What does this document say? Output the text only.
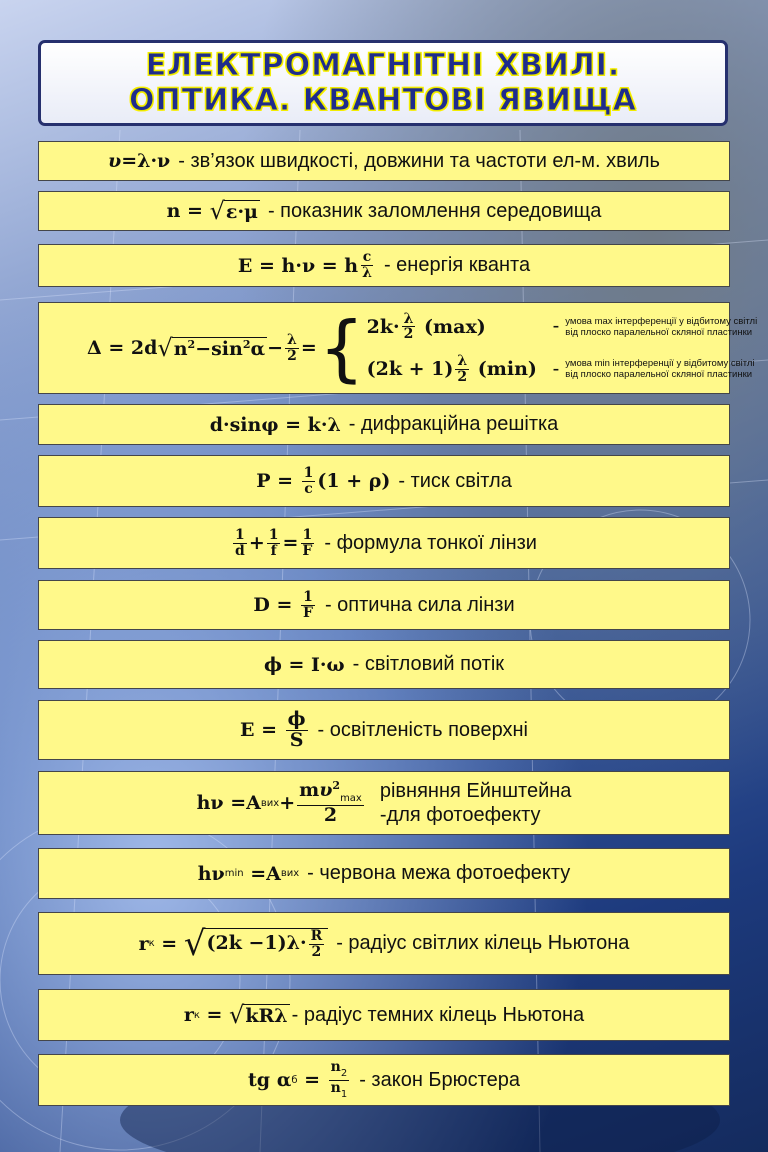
ЕЛЕКТРОМАГНІТНІ ХВИЛІ.
ОПТИКА. КВАНТОВІ ЯВИЩА
υ =λ·ν - зв’язок швидкості, довжини та частоти ел-м. хвиль
n = √ ε·μ - показник заломлення середовища
E = h·ν = h $\frac{c}{\lambda}$ - енергія кванта
Δ = 2d √ $n^2-\sin^2\alpha - \frac{\lambda}{2}$ = { $2k\cdot \frac{\lambda}{2} (\max)$	- умова max інтерференції у відбитому світлі від плоско паралельної скляної пластинки
$(2k + 1) \frac{\lambda}{2} (\min)$ - умова min інтерференції у відбитому світлі від плоско паралельної скляної пластинки
d·sinφ = k·λ - дифракційна решітка
$P = \frac{1}{c} (1 + \rho)$ - тиск світла
$\frac{1}{d} + \frac{1}{f} = \frac{1}{F}$ - формула тонкої лінзи
$D = \frac{1}{F}$ - оптична сила лінзи
ϕ = I·ω - світловий потік
$E = \frac{\phi}{S}$ - освітленість поверхні
hν =A вих + $\frac{m\upsilon^2_{max}}{2}$ рівняння Ейнштейна
-для фотоефекту
hν min =A вих - червона межа фотоефекту
r к = √ $(2k -1)\lambda\cdot \frac{R}{2}$ - радіус світлих кілець Ньютона
r к = √ kRλ - радіус темних кілець Ньютона
tg α $б = \frac{n_2}{n_1}$ - закон Брюстера
